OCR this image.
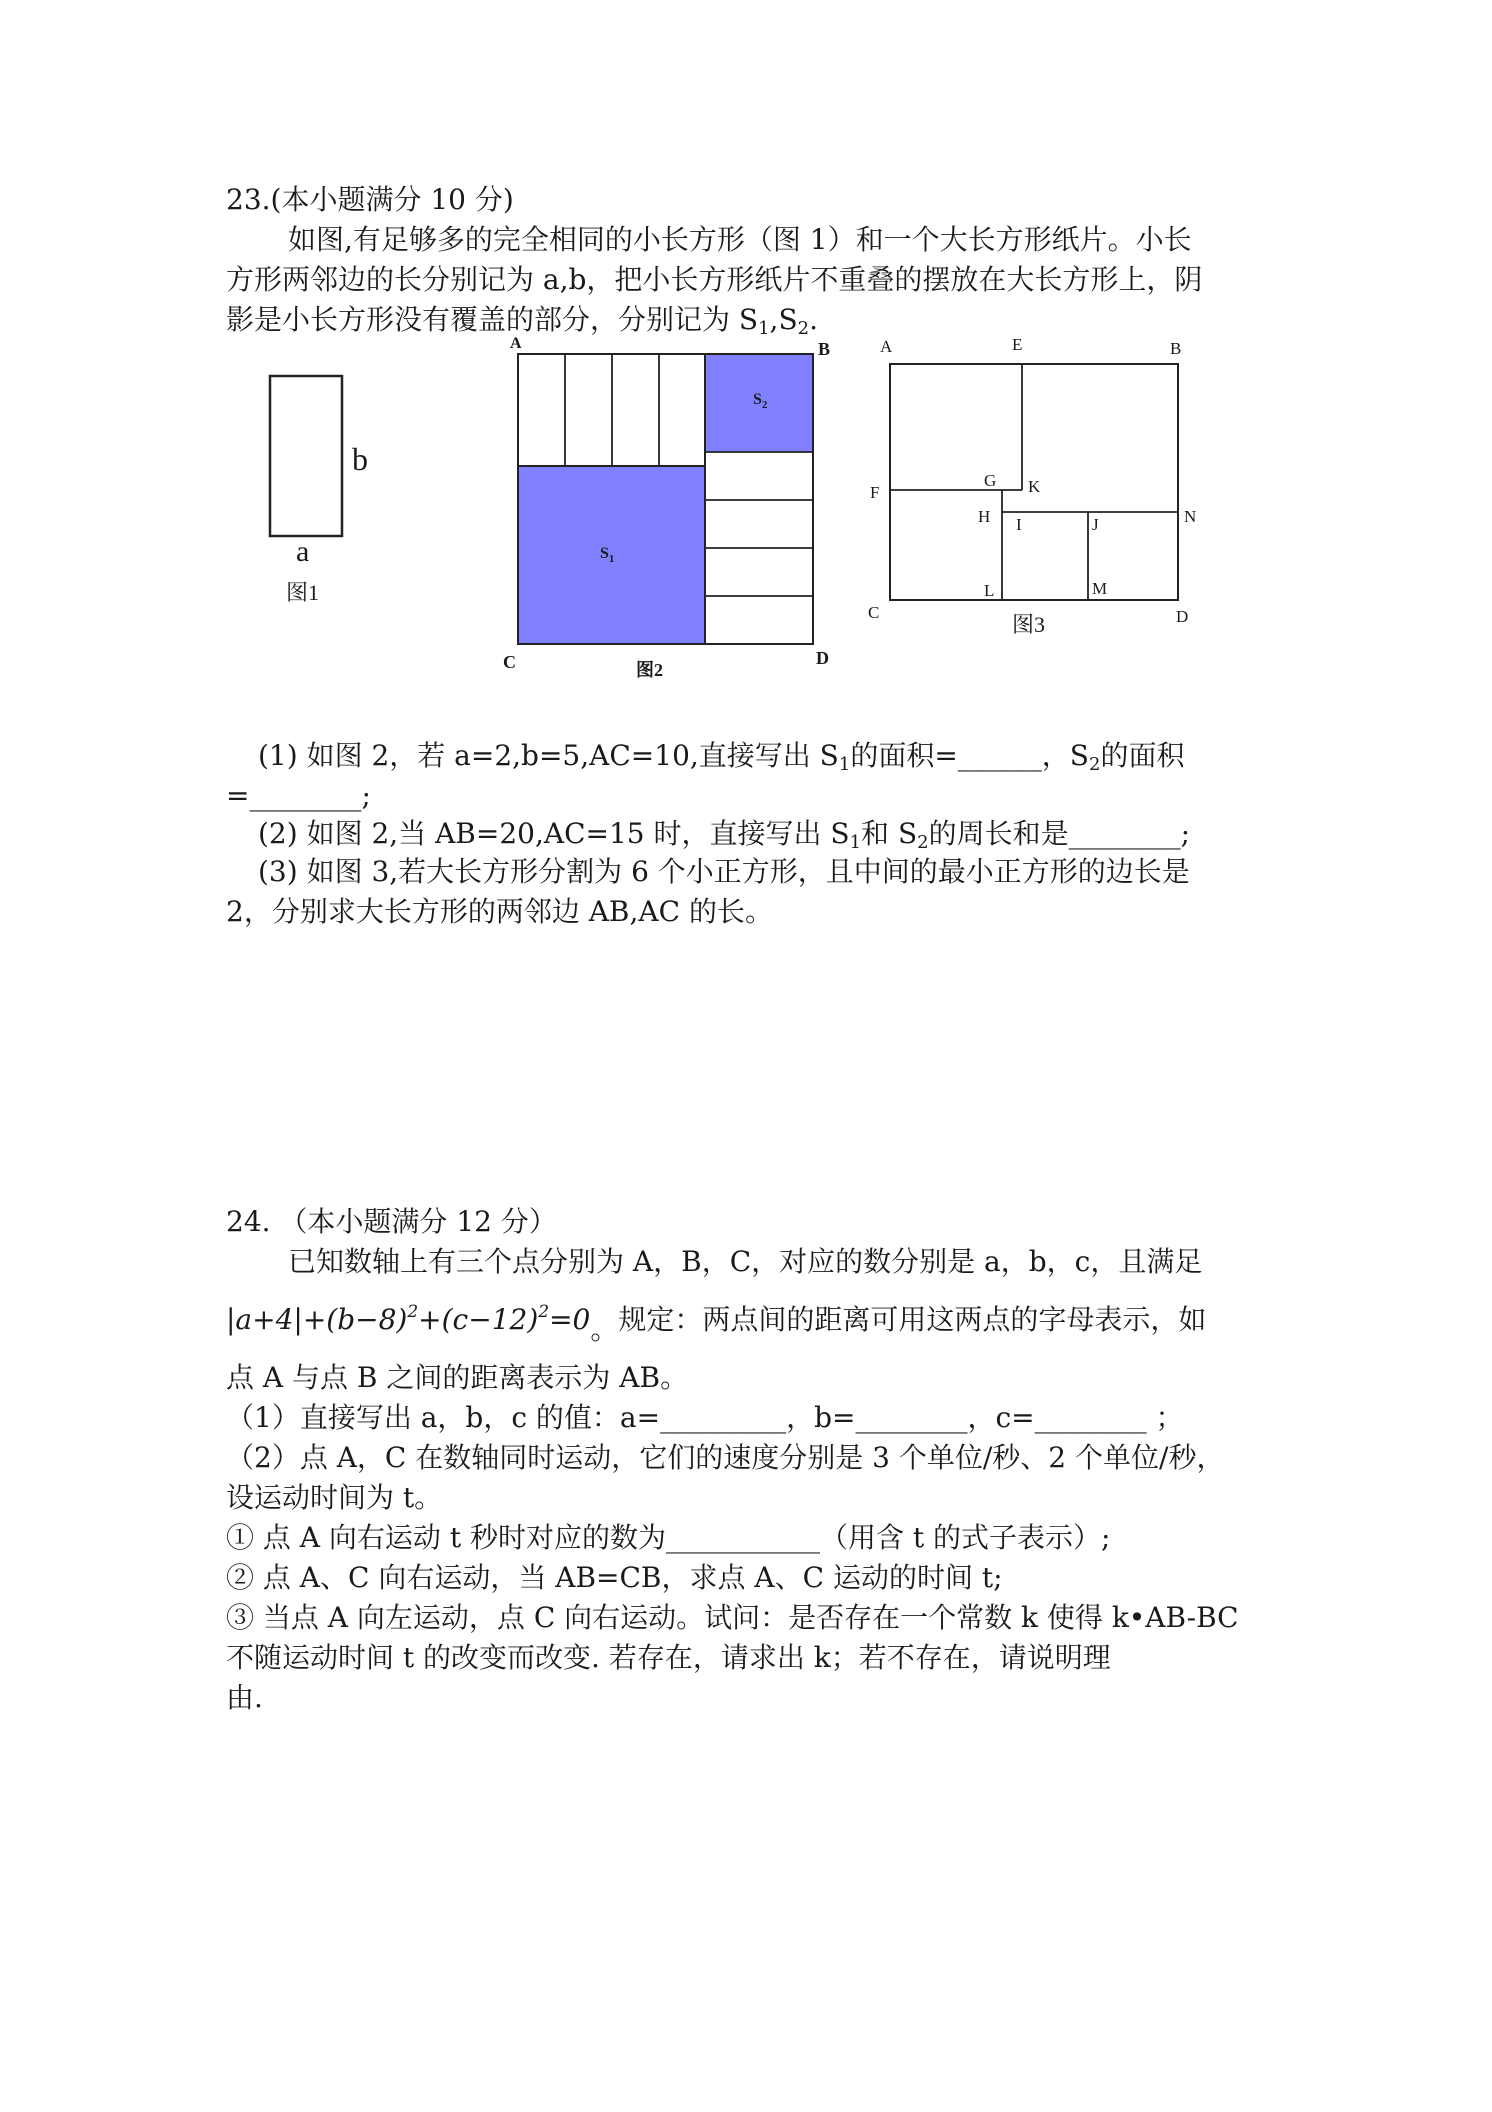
23.(本小题满分 10 分)
如图,有足够多的完全相同的小长方形（图 1）和一个大长方形纸片。小长
方形两邻边的长分别记为 a,b，把小长方形纸片不重叠的摆放在大长方形上，阴
影是小长方形没有覆盖的部分，分别记为 $S_1,S_2$.
b
a
图1
A	B
C	D
$S_1$
$S_2$
图2
A	E	B
F
G K
H I	J	N
L	M
C	D
图3
(1) 如图 2，若 a=2,b=5,AC=10,直接写出 $S_1$的面积=______，$S_2$的面积
=________;
(2) 如图 2,当 AB=20,AC=15 时，直接写出 $S_1$和 $S_2$的周长和是________;
(3) 如图 3,若大长方形分割为 6 个小正方形，且中间的最小正方形的边长是
2，分别求大长方形的两邻边 AB,AC 的长。
24. （本小题满分 12 分）
已知数轴上有三个点分别为 A，B，C，对应的数分别是 a，b，c，且满足
$|a+4|+(b-8)^2+(c-12)^2=0$。规定：两点间的距离可用这两点的字母表示，如
点 A 与点 B 之间的距离表示为 AB。
（1）直接写出 a，b，c 的值：a=_________，b=________，c=________ ；
（2）点 A，C 在数轴同时运动，它们的速度分别是 3 个单位/秒、2 个单位/秒，
设运动时间为 t。
① 点 A 向右运动 t 秒时对应的数为___________（用含 t 的式子表示）;
② 点 A、C 向右运动，当 AB=CB，求点 A、C 运动的时间 t;
③ 当点 A 向左运动，点 C 向右运动。试问：是否存在一个常数 k 使得 k•AB-BC
不随运动时间 t 的改变而改变. 若存在，请求出 k；若不存在，请说明理
由.
